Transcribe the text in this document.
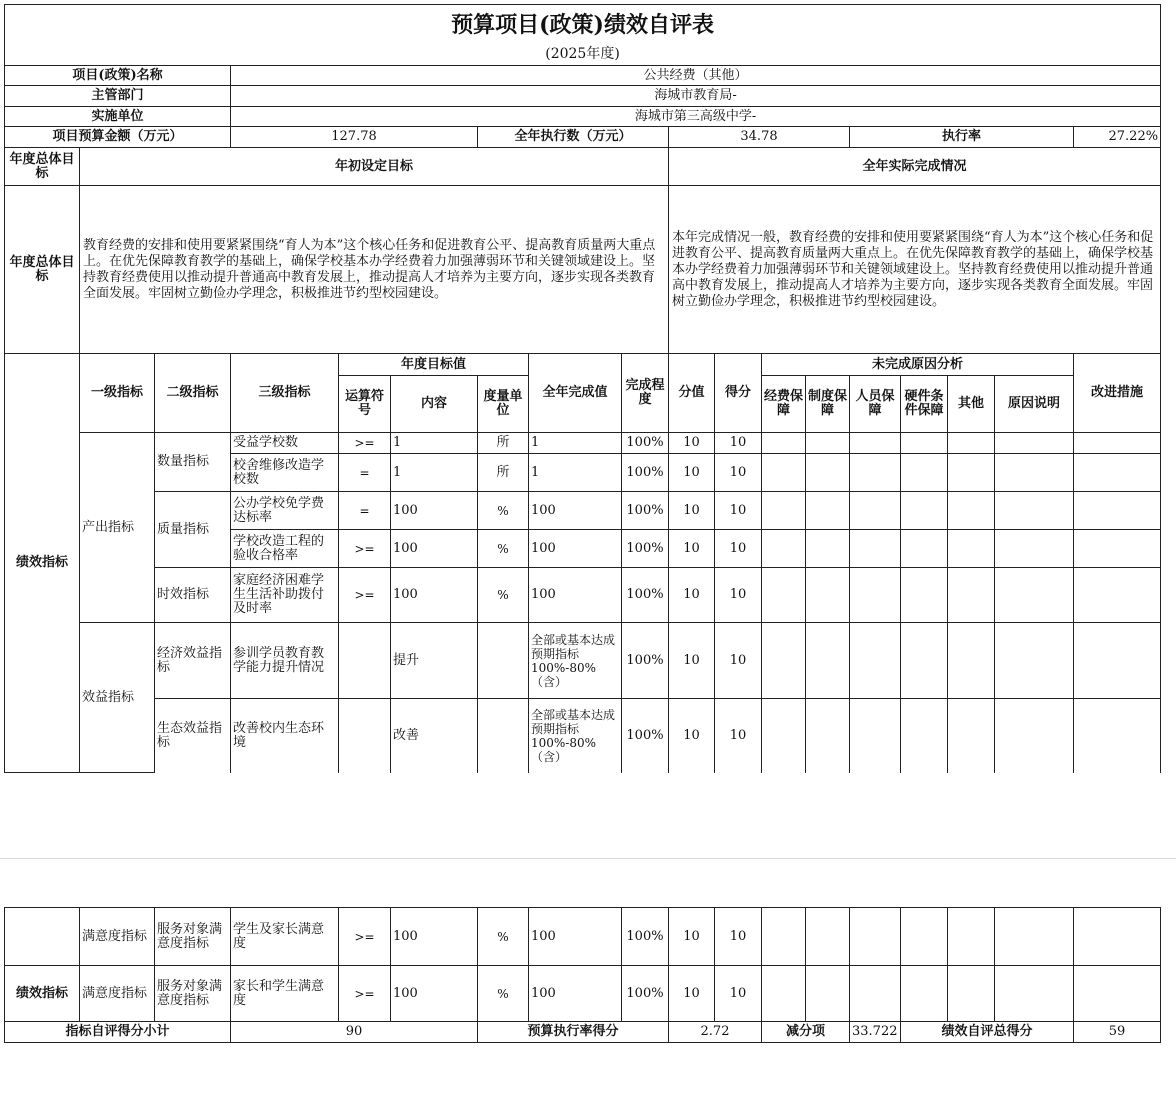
预算项目(政策)绩效自评表																	
(2025年度)																	
项目(政策)名称			公共经费（其他）														
主管部门			海城市教育局-														
实施单位			海城市第三高级中学-														
项目预算金额（万元）			127.78			全年执行数（万元）			34.78				执行率				27.22%
年度总体目标	年初设定目标								全年实际完成情况								
年度总体目标	教育经费的安排和使用要紧紧围绕“育人为本”这个核心任务和促进教育公平、提高教育质量两大重点上。在优先保障教育教学的基础上，确保学校基本办学经费着力加强薄弱环节和关键领域建设上。坚持教育经费使用以推动提升普通高中教育发展上，推动提高人才培养为主要方向，逐步实现各类教育全面发展。牢固树立勤俭办学理念，积极推进节约型校园建设。								本年完成情况一般，教育经费的安排和使用要紧紧围绕“育人为本”这个核心任务和促进教育公平、提高教育质量两大重点上。在优先保障教育教学的基础上，确保学校基本办学经费着力加强薄弱环节和关键领域建设上。坚持教育经费使用以推动提升普通高中教育发展上，推动提高人才培养为主要方向，逐步实现各类教育全面发展。牢固树立勤俭办学理念，积极推进节约型校园建设。								
绩效指标	一级指标	二级指标	三级指标	年度目标值			全年完成值	完成程度	分值	得分	未完成原因分析						改进措施
				运算符号	内容	度量单位					经费保障	制度保障	人员保障	硬件条件保障	其他	原因说明	
	产出指标	数量指标	受益学校数	>=	1	所	1	100%	10	10							
			校舍维修改造学校数	=	1	所	1	100%	10	10							
		质量指标	公办学校免学费达标率	=	100	%	100	100%	10	10							
			学校改造工程的验收合格率	>=	100	%	100	100%	10	10							
		时效指标	家庭经济困难学生生活补助拨付及时率	>=	100	%	100	100%	10	10							
	效益指标	经济效益指标	参训学员教育教学能力提升情况		提升		全部或基本达成预期指标100%-80%（含）	100%	10	10							
		生态效益指标	改善校内生态环境		改善		全部或基本达成预期指标100%-80%（含）	100%	10	10							
	满意度指标	服务对象满意度指标	学生及家长满意度	>=	100	%	100	100%	10	10							
绩效指标	满意度指标	服务对象满意度指标	家长和学生满意度	>=	100	%	100	100%	10	10							
指标自评得分小计			90			预算执行率得分			2.72		减分项		33.722	绩效自评总得分			59
